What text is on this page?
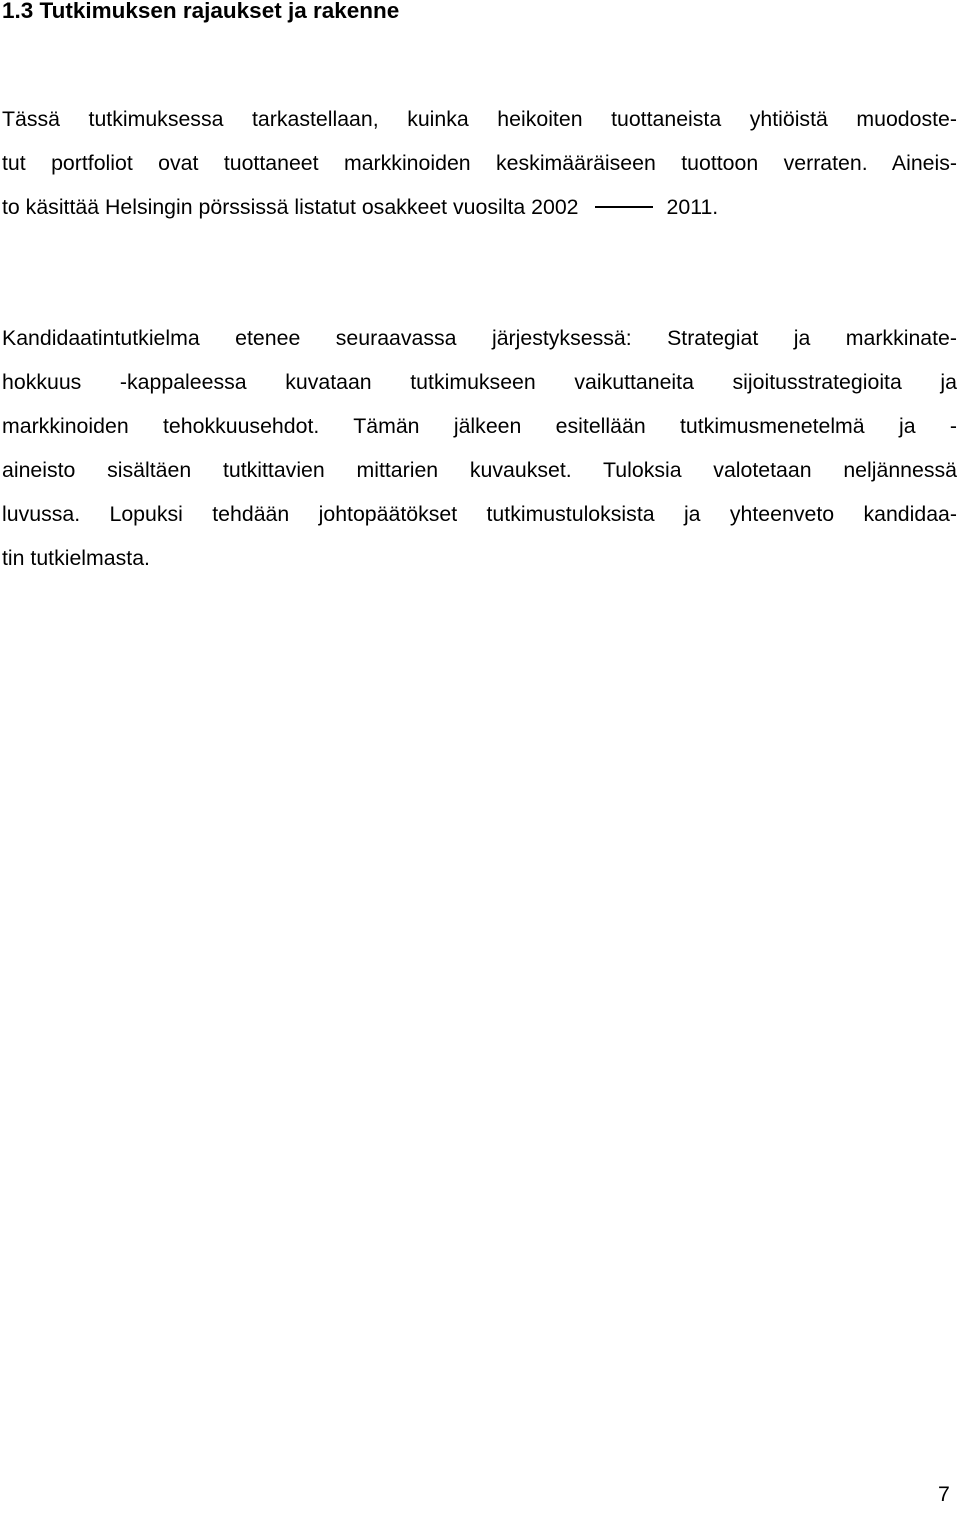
1.3 Tutkimuksen rajaukset ja rakenne
Tässä tutkimuksessa tarkastellaan, kuinka heikoiten tuottaneista yhtiöistä muodoste-
tut portfoliot ovat tuottaneet markkinoiden keskimääräiseen tuottoon verraten. Aineis-
to käsittää Helsingin pörssissä listatut osakkeet vuosilta 2002	2011.
Kandidaatintutkielma etenee seuraavassa järjestyksessä: Strategiat ja markkinate-
hokkuus -kappaleessa kuvataan tutkimukseen vaikuttaneita sijoitusstrategioita ja
markkinoiden tehokkuusehdot. Tämän jälkeen esitellään tutkimusmenetelmä ja -
aineisto sisältäen tutkittavien mittarien kuvaukset. Tuloksia valotetaan neljännessä
luvussa. Lopuksi tehdään johtopäätökset tutkimustuloksista ja yhteenveto kandidaa-
tin tutkielmasta.

7
